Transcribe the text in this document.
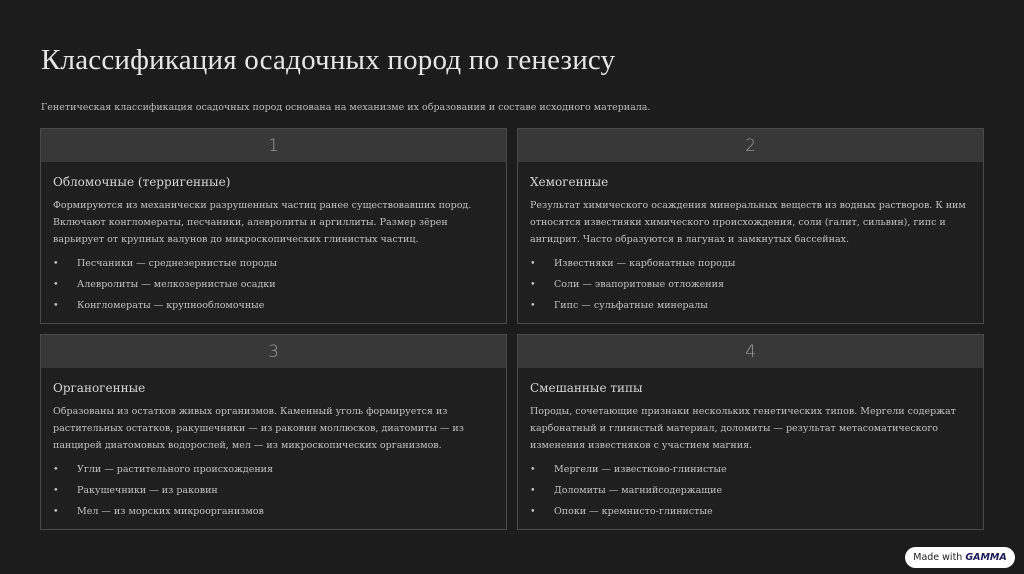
Классификация осадочных пород по генезису
Генетическая классификация осадочных пород основана на механизме их образования и составе исходного материала.
1
Обломочные (терригенные)
Формируются из механически разрушенных частиц ранее существовавших пород. Включают конгломераты, песчаники, алевролиты и аргиллиты. Размер зёрен варьирует от крупных валунов до микроскопических глинистых частиц.
•	Песчаники — среднезернистые породы
•	Алевролиты — мелкозернистые осадки
•	Конгломераты — крупнообломочные
2
Хемогенные
Результат химического осаждения минеральных веществ из водных растворов. К ним относятся известняки химического происхождения, соли (галит, сильвин), гипс и ангидрит. Часто образуются в лагунах и замкнутых бассейнах.
•	Известняки — карбонатные породы
•	Соли — эвапоритовые отложения
•	Гипс — сульфатные минералы
3
Органогенные
Образованы из остатков живых организмов. Каменный уголь формируется из растительных остатков, ракушечники — из раковин моллюсков, диатомиты — из панцирей диатомовых водорослей, мел — из микроскопических организмов.
•	Угли — растительного происхождения
•	Ракушечники — из раковин
•	Мел — из морских микроорганизмов
4
Смешанные типы
Породы, сочетающие признаки нескольких генетических типов. Мергели содержат карбонатный и глинистый материал, доломиты — результат метасоматического изменения известняков с участием магния.
•	Мергели — известково-глинистые
•	Доломиты — магнийсодержащие
•	Опоки — кремнисто-глинистые
Made with GAMMA
